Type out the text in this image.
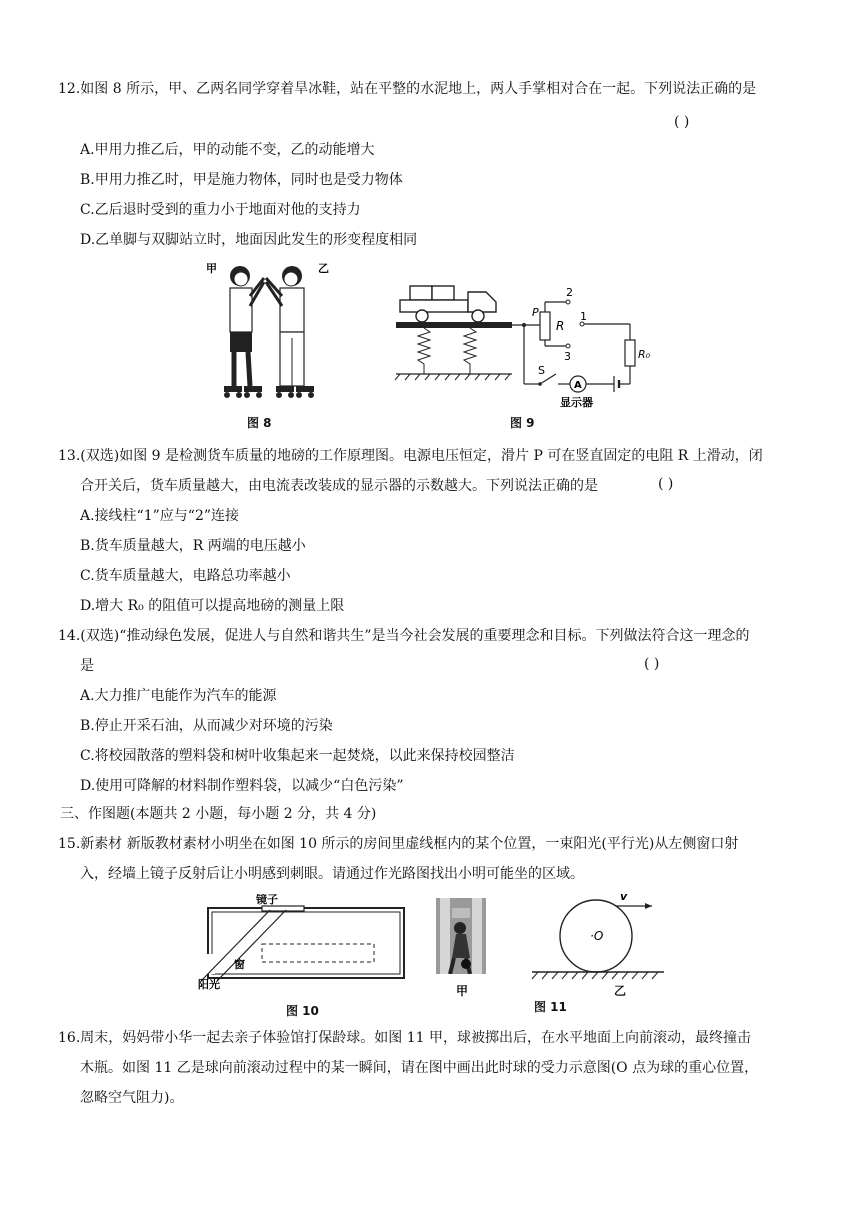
12.如图 8 所示，甲、乙两名同学穿着旱冰鞋，站在平整的水泥地上，两人手掌相对合在一起。下列说法正确的是
( )
A.甲用力推乙后，甲的动能不变，乙的动能增大
B.甲用力推乙时，甲是施力物体，同时也是受力物体
C.乙后退时受到的重力小于地面对他的支持力
D.乙单脚与双脚站立时，地面因此发生的形变程度相同
甲	乙
图 8
P
R
2
3
1
R₀
S
A
显示器
图 9
13.(双选)如图 9 是检测货车质量的地磅的工作原理图。电源电压恒定，滑片 P 可在竖直固定的电阻 R 上滑动，闭
合开关后，货车质量越大，由电流表改装成的显示器的示数越大。下列说法正确的是	( )
A.接线柱“1”应与“2”连接
B.货车质量越大，R 两端的电压越小
C.货车质量越大，电路总功率越小
D.增大 R₀ 的阻值可以提高地磅的测量上限
14.(双选)“推动绿色发展，促进人与自然和谐共生”是当今社会发展的重要理念和目标。下列做法符合这一理念的
是	( )
A.大力推广电能作为汽车的能源
B.停止开采石油，从而减少对环境的污染
C.将校园散落的塑料袋和树叶收集起来一起焚烧，以此来保持校园整洁
D.使用可降解的材料制作塑料袋，以减少“白色污染”
三、作图题(本题共 2 小题，每小题 2 分，共 4 分)
15.新素材 新版教材素材小明坐在如图 10 所示的房间里虚线框内的某个位置，一束阳光(平行光)从左侧窗口射
入，经墙上镜子反射后让小明感到刺眼。请通过作光路图找出小明可能坐的区域。
镜子
窗
阳光
图 10
甲
v
·O
图 11
乙
16.周末，妈妈带小华一起去亲子体验馆打保龄球。如图 11 甲，球被掷出后，在水平地面上向前滚动，最终撞击
木瓶。如图 11 乙是球向前滚动过程中的某一瞬间，请在图中画出此时球的受力示意图(O 点为球的重心位置，
忽略空气阻力)。
